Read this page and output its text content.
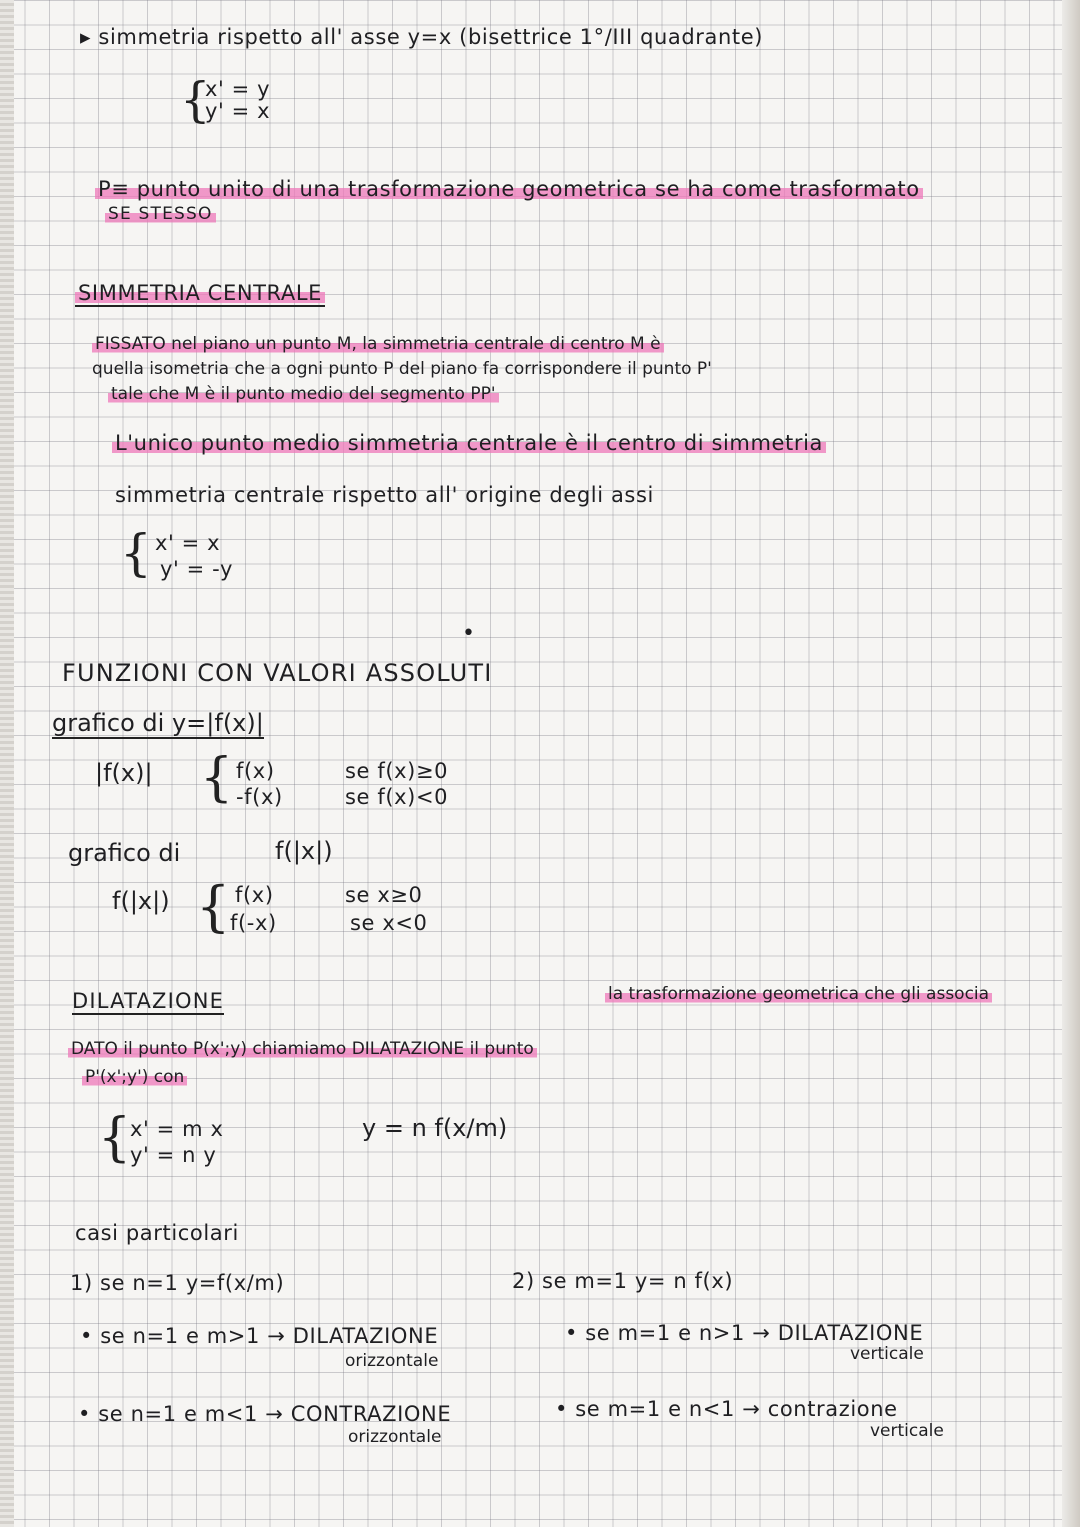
▸ simmetria rispetto all' asse y=x (bisettrice 1°/III quadrante)
{
x' = y
y' = x
P≡ punto unito di una trasformazione geometrica se ha come trasformato
SE STESSO
SIMMETRIA CENTRALE
FISSATO nel piano un punto M, la simmetria centrale di centro M è
quella isometria che a ogni punto P del piano fa corrispondere il punto P'
tale che M è il punto medio del segmento PP'
L'unico punto medio simmetria centrale è il centro di simmetria
simmetria centrale rispetto all' origine degli assi
{ x' = x
y' = -y
•
FUNZIONI CON VALORI ASSOLUTI
grafico di y=|f(x)|
|f(x)| { f(x)	se f(x)≥0
-f(x)	se f(x)<0
grafico di	f(|x|)
f(|x|) { f(x)	se x≥0
f(-x)	se x<0
DILATAZIONE	la trasformazione geometrica che gli associa
DATO il punto P(x';y) chiamiamo DILATAZIONE il punto
P'(x';y') con
{
x' = m x
y' = n y
y = n f(x/m)
casi particolari
1) se n=1 y=f(x/m)
• se n=1 e m>1 → DILATAZIONE
orizzontale
• se n=1 e m<1 → CONTRAZIONE
orizzontale
2) se m=1 y= n f(x)
• se m=1 e n>1 → DILATAZIONE
verticale
• se m=1 e n<1 → contrazione
verticale
